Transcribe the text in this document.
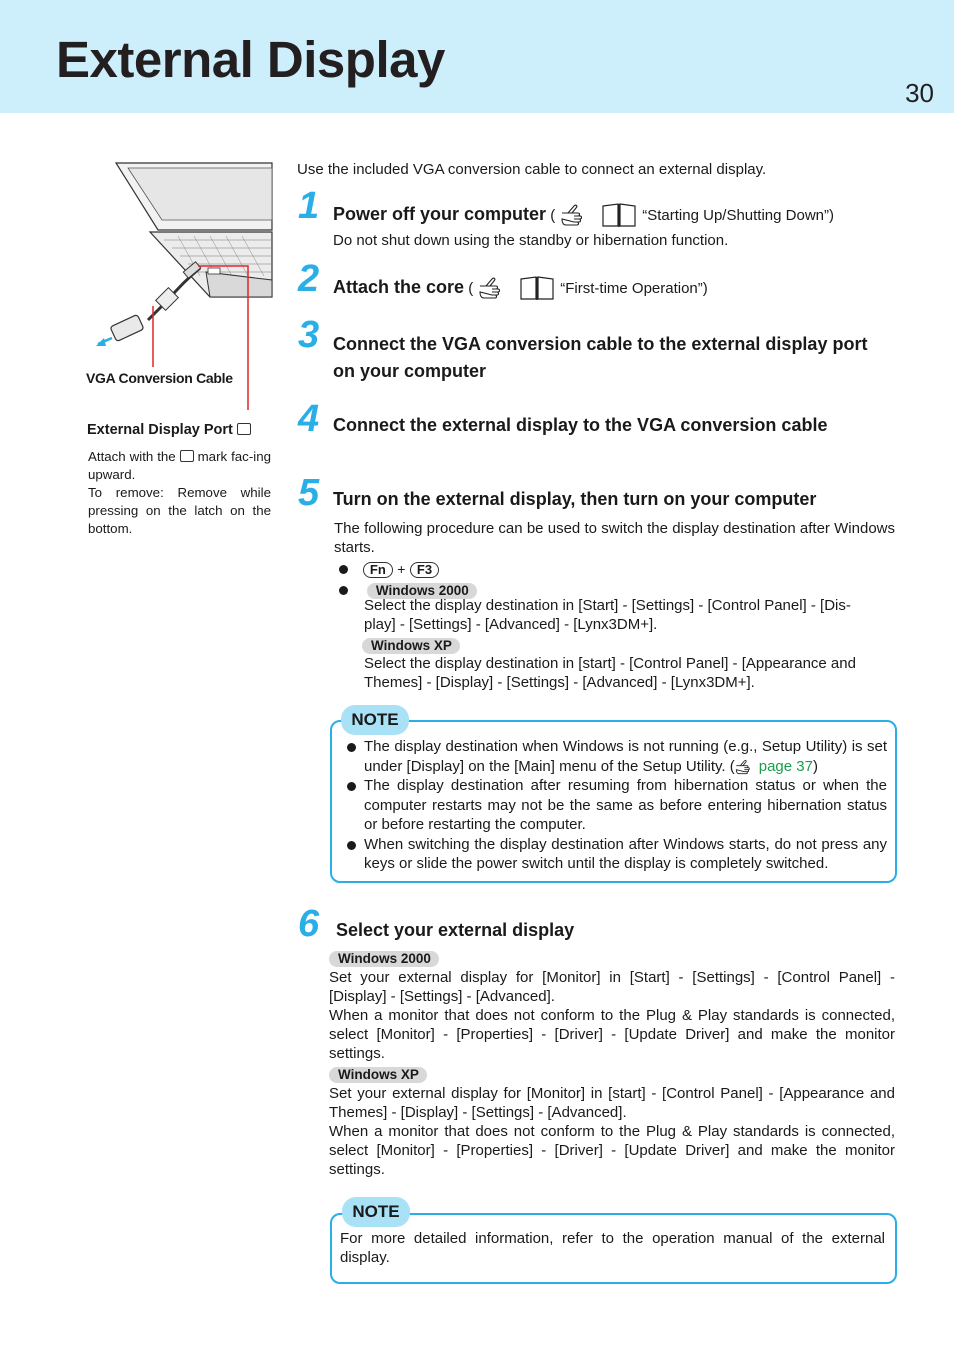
External Display
30
VGA Conversion Cable
External Display Port
Attach with the mark fac-ing upward.
To remove: Remove while pressing on the latch on the bottom.
Use the included VGA conversion cable to connect an external display.
1 Power off your computer (	“Starting Up/Shutting Down”)
Do not shut down using the standby or hibernation function.
2 Attach the core (	“First-time Operation”)
3 Connect the VGA conversion cable to the external display port
on your computer
4 Connect the external display to the VGA conversion cable
5 Turn on the external display, then turn on your computer
The following procedure can be used to switch the display destination after Windows starts.
Fn + F3
Windows 2000
Select the display destination in [Start] - [Settings] - [Control Panel] - [Dis-
play] - [Settings] - [Advanced] - [Lynx3DM+].
Windows XP
Select the display destination in [start] - [Control Panel] - [Appearance and
Themes] - [Display] - [Settings] - [Advanced] - [Lynx3DM+].
NOTE
The display destination when Windows is not running (e.g., Setup Utility) is set under [Display] on the [Main] menu of the Setup Utility. ( page 37)
The display destination after resuming from hibernation status or when the computer restarts may not be the same as before entering hibernation status or before restarting the computer.
When switching the display destination after Windows starts, do not press any keys or slide the power switch until the display is completely switched.
6 Select your external display
Windows 2000
Set your external display for [Monitor] in [Start] - [Settings] - [Control Panel] - [Display] - [Settings] - [Advanced].
When a monitor that does not conform to the Plug & Play standards is connected, select [Monitor] - [Properties] - [Driver] - [Update Driver] and make the monitor settings.
Windows XP
Set your external display for [Monitor] in [start] - [Control Panel] - [Appearance and Themes] - [Display] - [Settings] - [Advanced].
When a monitor that does not conform to the Plug & Play standards is connected, select [Monitor] - [Properties] - [Driver] - [Update Driver] and make the monitor settings.
NOTE
For more detailed information, refer to the operation manual of the external display.
